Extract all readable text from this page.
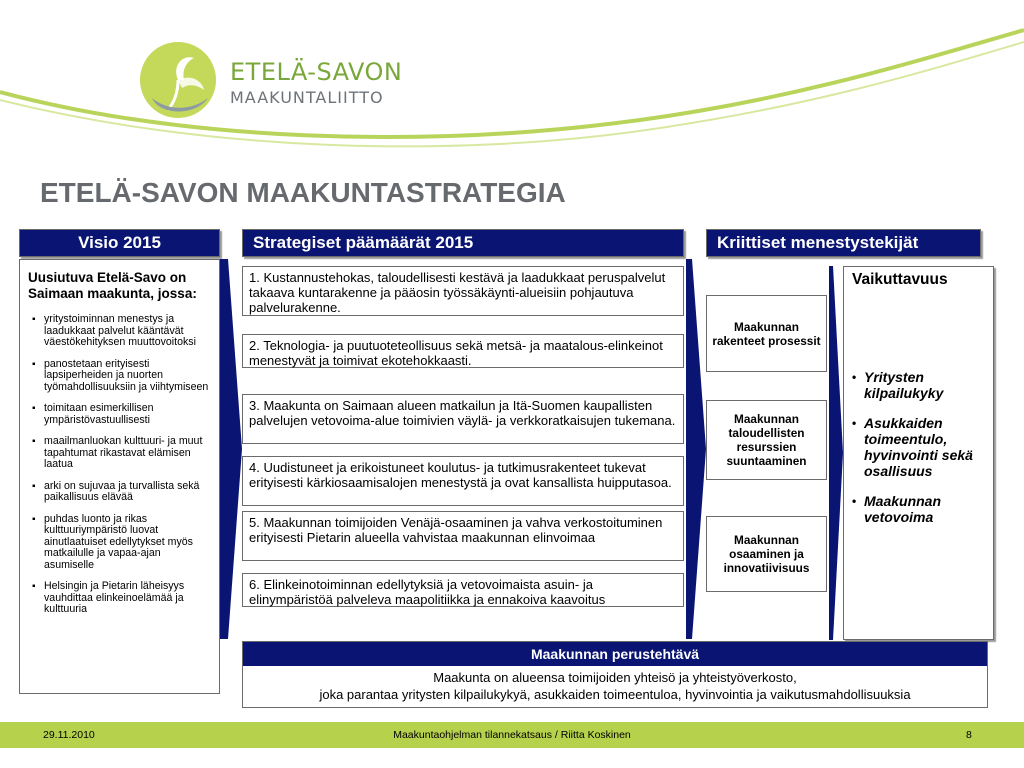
ETELÄ-SAVON
MAAKUNTALIITTO
ETELÄ-SAVON MAAKUNTASTRATEGIA
Visio 2015	Strategiset päämäärät 2015	Kriittiset menestystekijät
Uusiutuva Etelä-Savo on Saimaan maakunta, jossa:
▪ yritystoiminnan menestys ja laadukkaat palvelut kääntävät väestökehityksen muuttovoitoksi
▪ panostetaan erityisesti lapsiperheiden ja nuorten työmahdollisuuksiin ja viihtymiseen
▪ toimitaan esimerkillisen ympäristövastuullisesti
▪ maailmanluokan kulttuuri- ja muut tapahtumat rikastavat elämisen laatua
▪ arki on sujuvaa ja turvallista sekä paikallisuus elävää
▪ puhdas luonto ja rikas kulttuuriympäristö luovat ainutlaatuiset edellytykset myös matkailulle ja vapaa-ajan asumiselle
▪ Helsingin ja Pietarin läheisyys vauhdittaa elinkeinoelämää ja kulttuuria
1. Kustannustehokas, taloudellisesti kestävä ja laadukkaat peruspalvelut takaava kuntarakenne ja pääosin työssäkäynti-alueisiin pohjautuva palvelurakenne.
2. Teknologia- ja puutuoteteollisuus sekä metsä- ja maatalous-elinkeinot menestyvät ja toimivat ekotehokkaasti.
3. Maakunta on Saimaan alueen matkailun ja Itä-Suomen kaupallisten palvelujen vetovoima-alue toimivien väylä- ja verkkoratkaisujen tukemana.
4. Uudistuneet ja erikoistuneet koulutus- ja tutkimusrakenteet tukevat erityisesti kärkiosaamisalojen menestystä ja ovat kansallista huipputasoa.
5. Maakunnan toimijoiden Venäjä-osaaminen ja vahva verkostoituminen erityisesti Pietarin alueella vahvistaa maakunnan elinvoimaa
6. Elinkeinotoiminnan edellytyksiä ja vetovoimaista asuin- ja elinympäristöä palveleva maapolitiikka ja ennakoiva kaavoitus
Maakunnan rakenteet prosessit
Maakunnan taloudellisten resurssien suuntaaminen
Maakunnan osaaminen ja innovatiivisuus
Vaikuttavuus
• Yritysten kilpailukyky
• Asukkaiden toimeentulo, hyvinvointi sekä osallisuus
• Maakunnan vetovoima
Maakunnan perustehtävä
Maakunta on alueensa toimijoiden yhteisö ja yhteistyöverkosto,
joka parantaa yritysten kilpailukykyä, asukkaiden toimeentuloa, hyvinvointia ja vaikutusmahdollisuuksia
29.11.2010	Maakuntaohjelman tilannekatsaus / Riitta Koskinen	8
